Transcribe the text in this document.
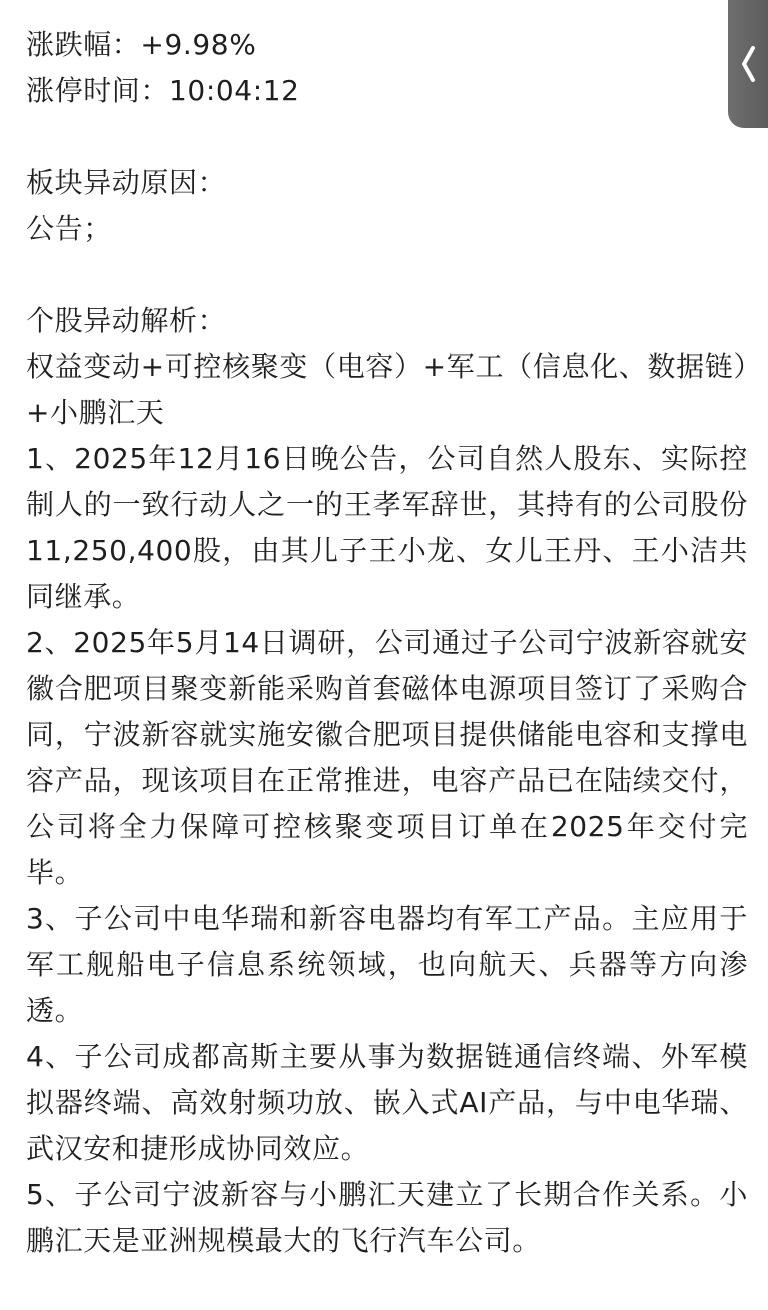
涨跌幅：+9.98%
涨停时间：10:04:12
板块异动原因：
公告；
个股异动解析：
权益变动+可控核聚变（电容）+军工（信息化、数据链）+小鹏汇天
1、2025年12月16日晚公告，公司自然人股东、实际控制人的一致行动人之一的王孝军辞世，其持有的公司股份11,250,400股，由其儿子王小龙、女儿王丹、王小洁共同继承。
2、2025年5月14日调研，公司通过子公司宁波新容就安徽合肥项目聚变新能采购首套磁体电源项目签订了采购合同，宁波新容就实施安徽合肥项目提供储能电容和支撑电容产品，现该项目在正常推进，电容产品已在陆续交付，公司将全力保障可控核聚变项目订单在2025年交付完毕。
3、子公司中电华瑞和新容电器均有军工产品。主应用于军工舰船电子信息系统领域，也向航天、兵器等方向渗透。
4、子公司成都高斯主要从事为数据链通信终端、外军模拟器终端、高效射频功放、嵌入式AI产品，与中电华瑞、武汉安和捷形成协同效应。
5、子公司宁波新容与小鹏汇天建立了长期合作关系。小鹏汇天是亚洲规模最大的飞行汽车公司。
